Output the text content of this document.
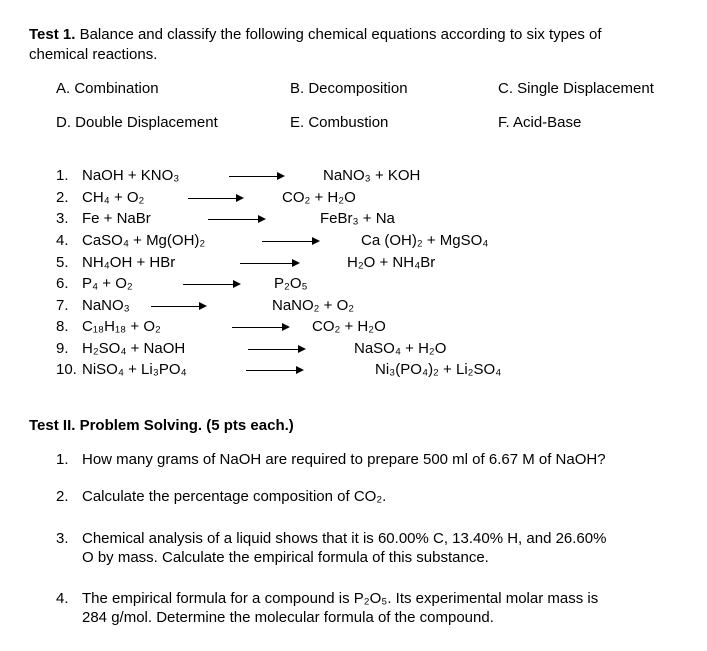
Test 1. Balance and classify the following chemical equations according to six types of
chemical reactions.
A. Combination	B. Decomposition	C. Single Displacement
D. Double Displacement	E. Combustion	F. Acid-Base
1. NaOH + KNO₃	NaNO₃ + KOH
2. CH₄ + O₂	CO₂ + H₂O
3. Fe + NaBr	FeBr₃ + Na
4. CaSO₄ + Mg(OH)₂	Ca (OH)₂ + MgSO₄
5. NH₄OH + HBr	H₂O + NH₄Br
6. P₄ + O₂	P₂O₅
7. NaNO₃ →	NaNO₂ + O₂
8. C₁₈H₁₈ + O₂	→ CO₂ + H₂O
9. H₂SO₄ + NaOH	NaSO₄ + H₂O
10. NiSO₄ + Li₃PO₄	Ni₃(PO₄)₂ + Li₂SO₄
Test II. Problem Solving. (5 pts each.)
1. How many grams of NaOH are required to prepare 500 ml of 6.67 M of NaOH?
2. Calculate the percentage composition of CO₂.
3. Chemical analysis of a liquid shows that it is 60.00% C, 13.40% H, and 26.60%
O by mass. Calculate the empirical formula of this substance.
4. The empirical formula for a compound is P₂O₅. Its experimental molar mass is
284 g/mol. Determine the molecular formula of the compound.
